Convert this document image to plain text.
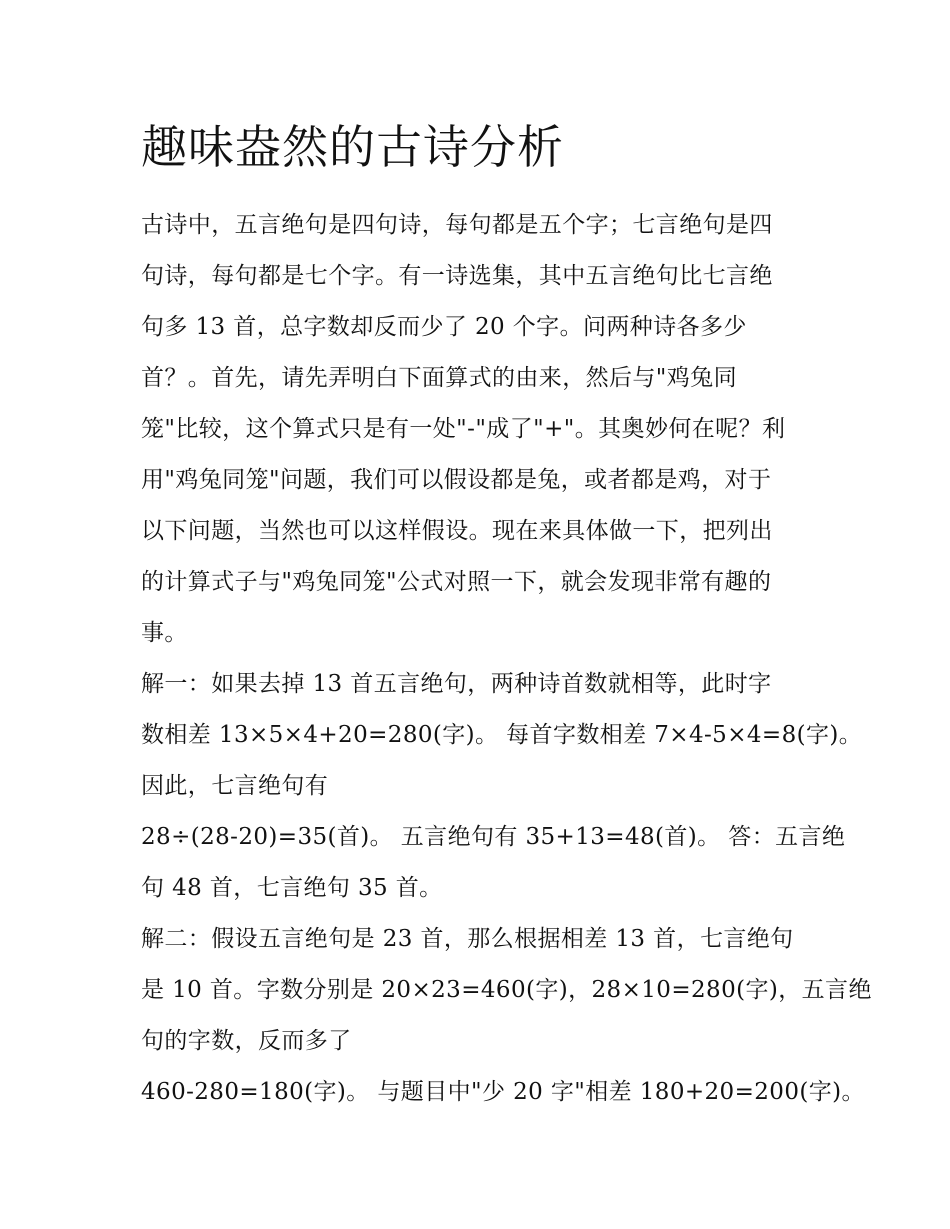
趣味盎然的古诗分析

古诗中，五言绝句是四句诗，每句都是五个字；七言绝句是四
句诗，每句都是七个字。有一诗选集，其中五言绝句比七言绝
句多 13 首，总字数却反而少了 20 个字。问两种诗各多少
首？。首先，请先弄明白下面算式的由来，然后与"鸡兔同
笼"比较，这个算式只是有一处"-"成了"+"。其奥妙何在呢？利
用"鸡兔同笼"问题，我们可以假设都是兔，或者都是鸡，对于
以下问题，当然也可以这样假设。现在来具体做一下，把列出
的计算式子与"鸡兔同笼"公式对照一下，就会发现非常有趣的
事。

解一：如果去掉 13 首五言绝句，两种诗首数就相等，此时字
数相差 13×5×4+20=280(字)。 每首字数相差 7×4-5×4=8(字)。
因此，七言绝句有

28÷(28-20)=35(首)。 五言绝句有 35+13=48(首)。 答：五言绝
句 48 首，七言绝句 35 首。

解二：假设五言绝句是 23 首，那么根据相差 13 首，七言绝句
是 10 首。字数分别是 20×23=460(字)，28×10=280(字)，五言绝
句的字数，反而多了

460-280=180(字)。 与题目中"少 20 字"相差 180+20=200(字)。
